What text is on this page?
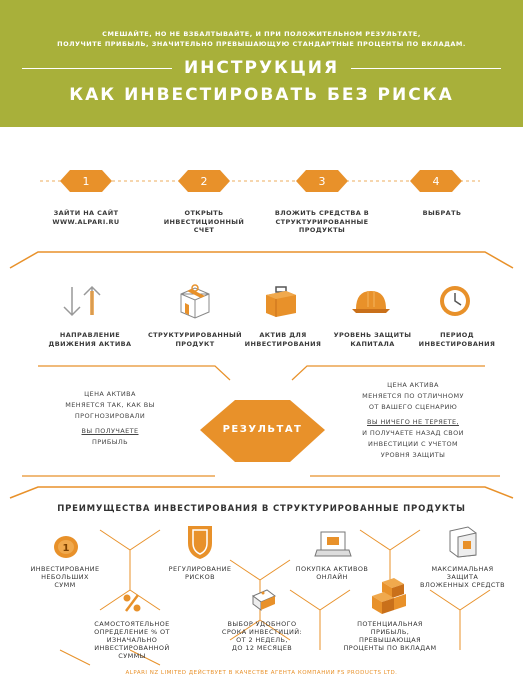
СМЕШАЙТЕ, НО НЕ ВЗБАЛТЫВАЙТЕ, И ПРИ ПОЛОЖИТЕЛЬНОМ РЕЗУЛЬТАТЕ,
ПОЛУЧИТЕ ПРИБЫЛЬ, ЗНАЧИТЕЛЬНО ПРЕВЫШАЮЩУЮ СТАНДАРТНЫЕ ПРОЦЕНТЫ ПО ВКЛАДАМ.
ИНСТРУКЦИЯ
КАК ИНВЕСТИРОВАТЬ БЕЗ РИСКА
1	2	3	4
ЗАЙТИ НА САЙТ
WWW.ALPARI.RU
ОТКРЫТЬ
ИНВЕСТИЦИОННЫЙ
СЧЕТ
ВЛОЖИТЬ СРЕДСТВА В
СТРУКТУРИРОВАННЫЕ
ПРОДУКТЫ
ВЫБРАТЬ
НАПРАВЛЕНИЕ
ДВИЖЕНИЯ АКТИВА
СТРУКТУРИРОВАННЫЙ
ПРОДУКТ
АКТИВ ДЛЯ
ИНВЕСТИРОВАНИЯ
УРОВЕНЬ ЗАЩИТЫ
КАПИТАЛА
ПЕРИОД
ИНВЕСТИРОВАНИЯ
РЕЗУЛЬТАТ
ЦЕНА АКТИВА
МЕНЯЕТСЯ ТАК, КАК ВЫ
ПРОГНОЗИРОВАЛИ
ВЫ ПОЛУЧАЕТЕ
ПРИБЫЛЬ
ЦЕНА АКТИВА
МЕНЯЕТСЯ ПО ОТЛИЧНОМУ
ОТ ВАШЕГО СЦЕНАРИЮ
ВЫ НИЧЕГО НЕ ТЕРЯЕТЕ,
И ПОЛУЧАЕТЕ НАЗАД СВОИ
ИНВЕСТИЦИИ С УЧЕТОМ
УРОВНЯ ЗАЩИТЫ
ПРЕИМУЩЕСТВА ИНВЕСТИРОВАНИЯ В СТРУКТУРИРОВАННЫЕ ПРОДУКТЫ
1
ИНВЕСТИРОВАНИЕ
НЕБОЛЬШИХ
СУММ
РЕГУЛИРОВАНИЕ
РИСКОВ
ПОКУПКА АКТИВОВ
ОНЛАЙН
МАКСИМАЛЬНАЯ
ЗАЩИТА
ВЛОЖЕННЫХ СРЕДСТВ
САМОСТОЯТЕЛЬНОЕ
ОПРЕДЕЛЕНИЕ % ОТ
ИЗНАЧАЛЬНО
ИНВЕСТИРОВАННОЙ
СУММЫ
ВЫБОР УДОБНОГО
СРОКА ИНВЕСТИЦИЙ:
ОТ 2 НЕДЕЛЬ,
ДО 12 МЕСЯЦЕВ
ПОТЕНЦИАЛЬНАЯ
ПРИБЫЛЬ,
ПРЕВЫШАЮЩАЯ
ПРОЦЕНТЫ ПО ВКЛАДАМ
ALPARI NZ LIMITED ДЕЙСТВУЕТ В КАЧЕСТВЕ АГЕНТА КОМПАНИИ FS PRODUCTS LTD.
